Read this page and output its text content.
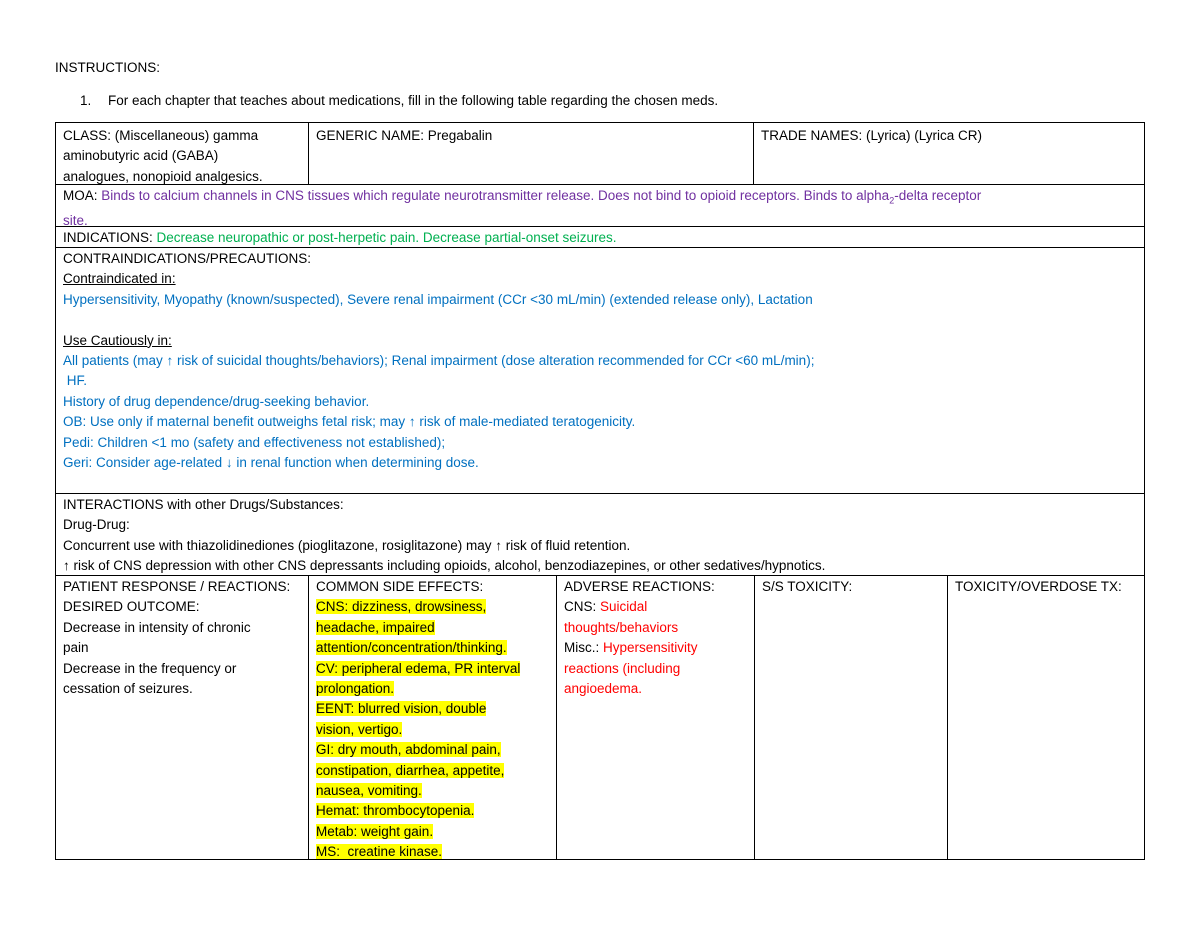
INSTRUCTIONS:
1. For each chapter that teaches about medications, fill in the following table regarding the chosen meds.
CLASS: (Miscellaneous) gamma
aminobutyric acid (GABA)
analogues, nonopioid analgesics.
GENERIC NAME: Pregabalin	TRADE NAMES: (Lyrica) (Lyrica CR)
MOA: Binds to calcium channels in CNS tissues which regulate neurotransmitter release. Does not bind to opioid receptors. Binds to alpha$_2$-delta receptor
site.
INDICATIONS: Decrease neuropathic or post-herpetic pain. Decrease partial-onset seizures.
CONTRAINDICATIONS/PRECAUTIONS:
Contraindicated in:
Hypersensitivity, Myopathy (known/suspected), Severe renal impairment (CCr <30 mL/min) (extended release only), Lactation
Use Cautiously in:
All patients (may ↑ risk of suicidal thoughts/behaviors); Renal impairment (dose alteration recommended for CCr <60 mL/min);
HF.
History of drug dependence/drug-seeking behavior.
OB: Use only if maternal benefit outweighs fetal risk; may ↑ risk of male-mediated teratogenicity.
Pedi: Children <1 mo (safety and effectiveness not established);
Geri: Consider age-related ↓ in renal function when determining dose.
INTERACTIONS with other Drugs/Substances:
Drug-Drug:
Concurrent use with thiazolidinediones (pioglitazone, rosiglitazone) may ↑ risk of fluid retention.
↑ risk of CNS depression with other CNS depressants including opioids, alcohol, benzodiazepines, or other sedatives/hypnotics.
PATIENT RESPONSE / REACTIONS:
DESIRED OUTCOME:
Decrease in intensity of chronic
pain
Decrease in the frequency or
cessation of seizures.
COMMON SIDE EFFECTS:
CNS: dizziness, drowsiness,
headache, impaired
attention/concentration/thinking.
CV: peripheral edema, PR interval
prolongation.
EENT: blurred vision, double
vision, vertigo.
GI: dry mouth, abdominal pain,
constipation, diarrhea, appetite,
nausea, vomiting.
Hemat: thrombocytopenia.
Metab: weight gain.
MS:  creatine kinase.
ADVERSE REACTIONS:
CNS: Suicidal
thoughts/behaviors
Misc.: Hypersensitivity
reactions (including
angioedema.
S/S TOXICITY:	TOXICITY/OVERDOSE TX:
